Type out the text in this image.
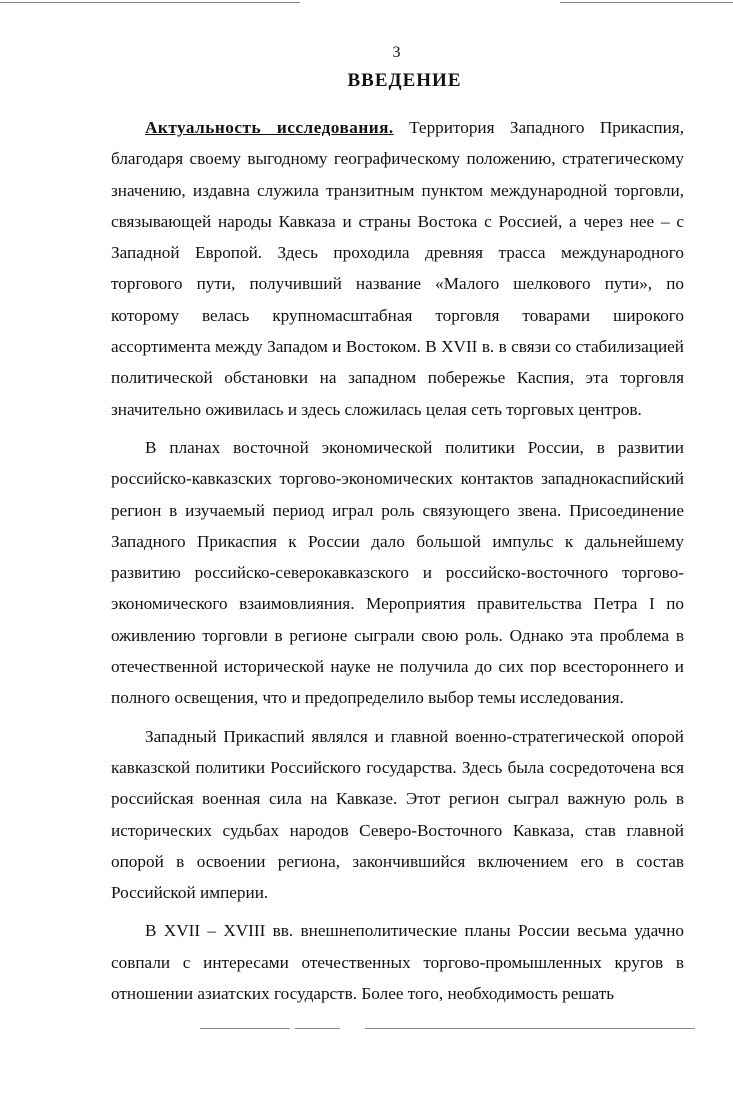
3
ВВЕДЕНИЕ

Актуальность исследования. Территория Западного Прикаспия, благодаря своему выгодному географическому положению, стратегическому значению, издавна служила транзитным пунктом международной торговли, связывающей народы Кавказа и страны Востока с Россией, а через нее – с Западной Европой. Здесь проходила древняя трасса международного торгового пути, получивший название «Малого шелкового пути», по которому велась крупномасштабная торговля товарами широкого ассортимента между Западом и Востоком. В XVII в. в связи со стабилизацией политической обстановки на западном побережье Каспия, эта торговля значительно оживилась и здесь сложилась целая сеть торговых центров.

В планах восточной экономической политики России, в развитии российско-кавказских торгово-экономических контактов западнокаспийский регион в изучаемый период играл роль связующего звена. Присоединение Западного Прикаспия к России дало большой импульс к дальнейшему развитию российско-северокавказского и российско-восточного торгово-экономического взаимовлияния. Мероприятия правительства Петра I по оживлению торговли в регионе сыграли свою роль. Однако эта проблема в отечественной исторической науке не получила до сих пор всестороннего и полного освещения, что и предопределило выбор темы исследования.

Западный Прикаспий являлся и главной военно-стратегической опорой кавказской политики Российского государства. Здесь была сосредоточена вся российская военная сила на Кавказе. Этот регион сыграл важную роль в исторических судьбах народов Северо-Восточного Кавказа, став главной опорой в освоении региона, закончившийся включением его в состав Российской империи.

В XVII – XVIII вв. внешнеполитические планы России весьма удачно совпали с интересами отечественных торгово-промышленных кругов в отношении азиатских государств. Более того, необходимость решать
